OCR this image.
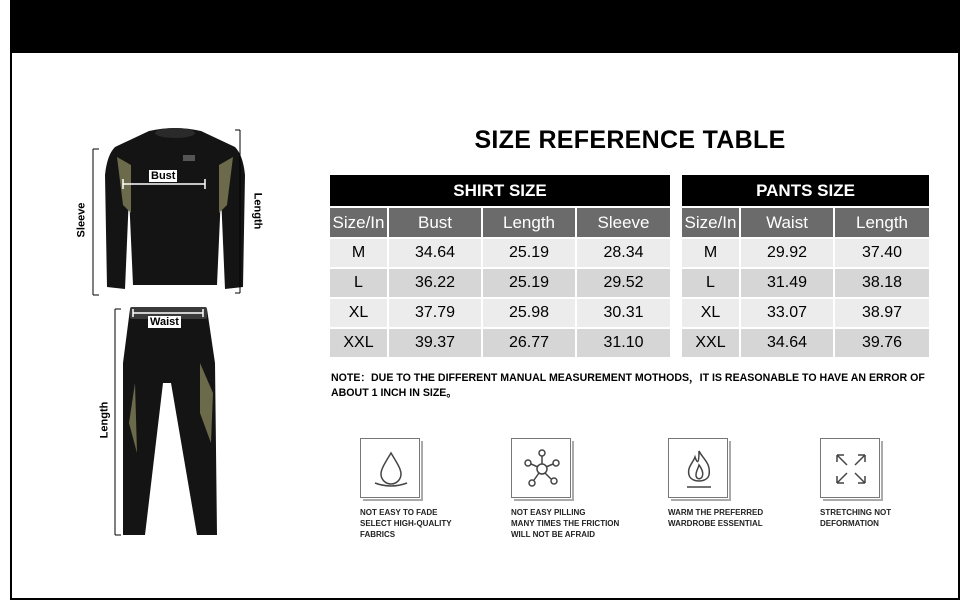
Bust
Sleeve	Length
Waist
Length
SIZE REFERENCE TABLE
SHIRT SIZE			
Size/In	Bust	Length	Sleeve
M	34.64	25.19	28.34
L	36.22	25.19	29.52
XL	37.79	25.98	30.31
XXL	39.37	26.77	31.10
PANTS SIZE		
Size/In	Waist	Length
M	29.92	37.40
L	31.49	38.18
XL	33.07	38.97
XXL	34.64	39.76
NOTE：DUE TO THE DIFFERENT MANUAL MEASUREMENT MOTHODS，IT IS REASONABLE TO HAVE AN ERROR OF ABOUT 1 INCH IN SIZE。
NOT EASY TO FADE
SELECT HIGH-QUALITY
FABRICS
NOT EASY PILLING
MANY TIMES THE FRICTION
WILL NOT BE AFRAID
WARM THE PREFERRED
WARDROBE ESSENTIAL
STRETCHING NOT
DEFORMATION
